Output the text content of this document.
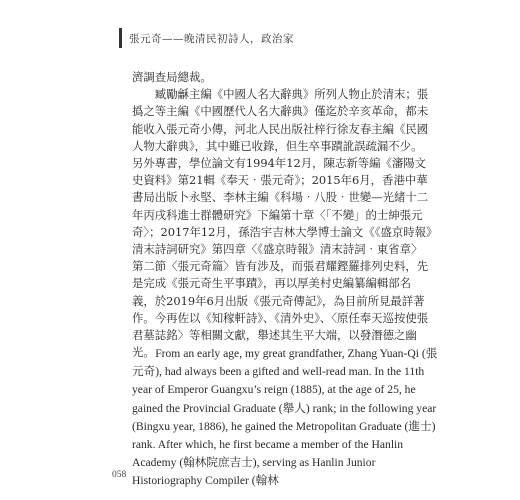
張元奇——晚清民初詩人，政治家

濟調查局總裁。

臧勵龢主編《中國人名大辭典》所列人物止於清末；張撝之等主編《中國歷代人名大辭典》僅迄於辛亥革命，都未能收入張元奇小傳，河北人民出版社梓行徐友春主編《民國人物大辭典》，其中雖已收錄，但生卒事蹟訛誤疏漏不少。另外專書，學位論文有1994年12月，陳志新等編《瀋陽文史資料》第21輯《奉天‧張元奇》；2015年6月，香港中華書局出版卜永堅、李林主編《科場‧八股‧世變—光緒十二年丙戌科進士群體研究》下編第十章〈「不變」的士紳張元奇〉；2017年12月，孫浩宇吉林大學博士論文《《盛京時報》清末詩詞研究》第四章〈《盛京時報》清末詩詞‧東省章〉第二節〈張元奇篇〉皆有涉及，而張君耀鏗羅排列史料，先是完成《張元奇生平事蹟》，再以厚美村史編纂編輯部名義，於2019年6月出版《張元奇傳記》，為目前所見最詳著作。今再佐以《知稼軒詩》、《清外史》、〈原任奉天巡按使張君墓誌銘〉等相關文獻，舉述其生平大端，以發潛德之幽光。 From an early age, my great grandfather, Zhang Yuan-Qi (張元奇), had always been a gifted and well-read man. In the 11th year of Emperor Guangxu’s reign (1885), at the age of 25, he gained the Provincial Graduate (舉人) rank; in the following year (Bingxu year, 1886), he gained the Metropolitan Graduate (進士) rank. After which, he first became a member of the Hanlin Academy (翰林院庶吉士), serving as Hanlin Junior Historiography Compiler (翰林

058
